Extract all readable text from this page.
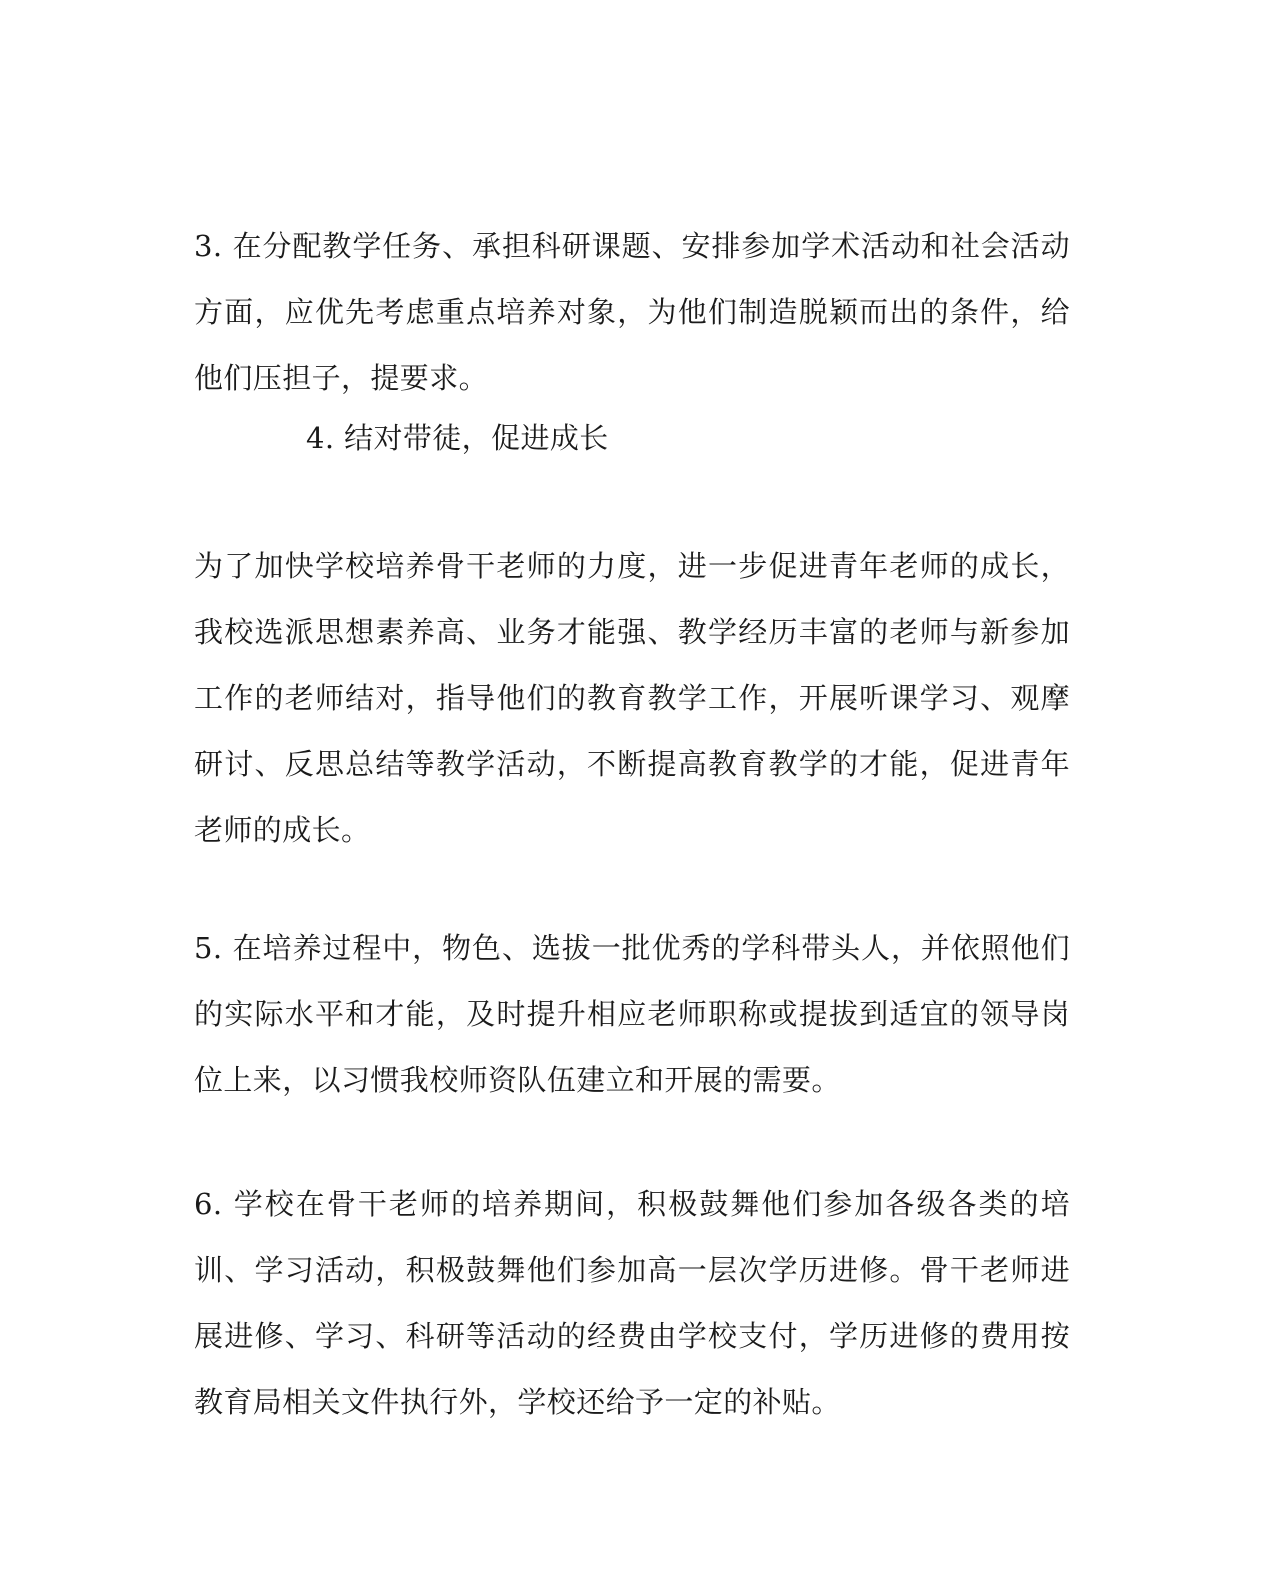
3. 在分配教学任务、承担科研课题、安排参加学术活动和社会活动方面，应优先考虑重点培养对象，为他们制造脱颖而出的条件，给他们压担子，提要求。

4. 结对带徒，促进成长

为了加快学校培养骨干老师的力度，进一步促进青年老师的成长，我校选派思想素养高、业务才能强、教学经历丰富的老师与新参加工作的老师结对，指导他们的教育教学工作，开展听课学习、观摩研讨、反思总结等教学活动，不断提高教育教学的才能，促进青年老师的成长。

5. 在培养过程中，物色、选拔一批优秀的学科带头人，并依照他们的实际水平和才能，及时提升相应老师职称或提拔到适宜的领导岗位上来，以习惯我校师资队伍建立和开展的需要。

6. 学校在骨干老师的培养期间，积极鼓舞他们参加各级各类的培训、学习活动，积极鼓舞他们参加高一层次学历进修。骨干老师进展进修、学习、科研等活动的经费由学校支付，学历进修的费用按教育局相关文件执行外，学校还给予一定的补贴。
